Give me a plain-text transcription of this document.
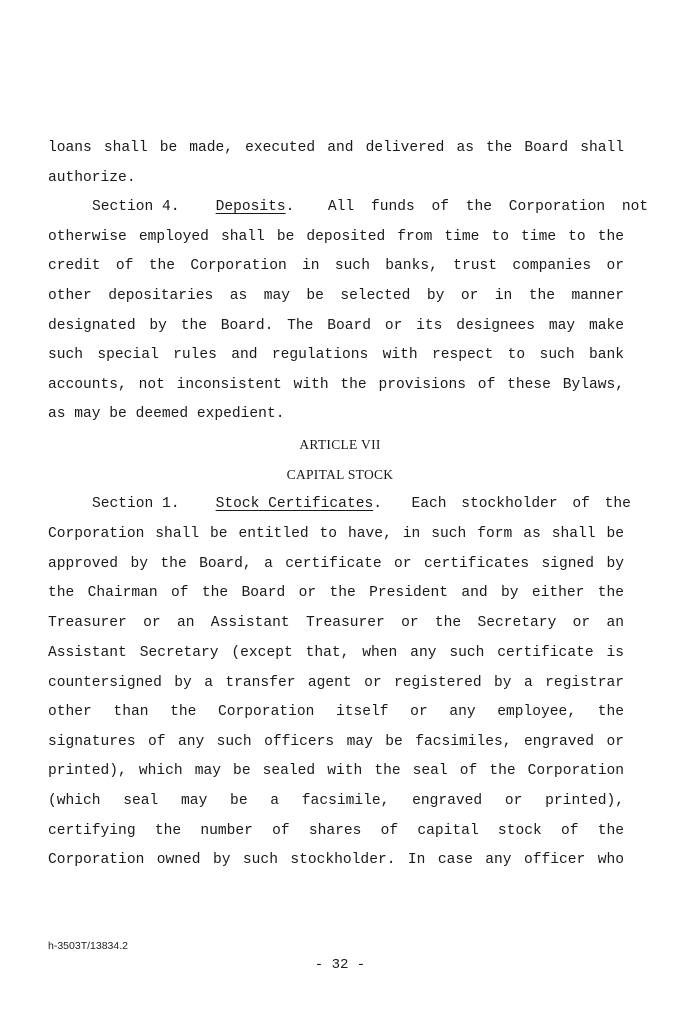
loans shall be made, executed and delivered as the Board shall
authorize.
Section 4. Deposits.  All funds of the Corporation not
otherwise employed shall be deposited from time to time to the
credit of the Corporation in such banks, trust companies or
other depositaries as may be selected by or in the manner
designated by the Board. The Board or its designees may make
such special rules and regulations with respect to such bank
accounts, not inconsistent with the provisions of these Bylaws,
as may be deemed expedient.
ARTICLE VII
CAPITAL STOCK
Section 1. Stock Certificates.  Each stockholder of the
Corporation shall be entitled to have, in such form as shall be
approved by the Board, a certificate or certificates signed by
the Chairman of the Board or the President and by either the
Treasurer or an Assistant Treasurer or the Secretary or an
Assistant Secretary (except that, when any such certificate is
countersigned by a transfer agent or registered by a registrar
other than the Corporation itself or any employee, the
signatures of any such officers may be facsimiles, engraved or
printed), which may be sealed with the seal of the Corporation
(which seal may be a facsimile, engraved or printed),
certifying the number of shares of capital stock of the
Corporation owned by such stockholder. In case any officer who
h-3503T/13834.2
- 32 -
